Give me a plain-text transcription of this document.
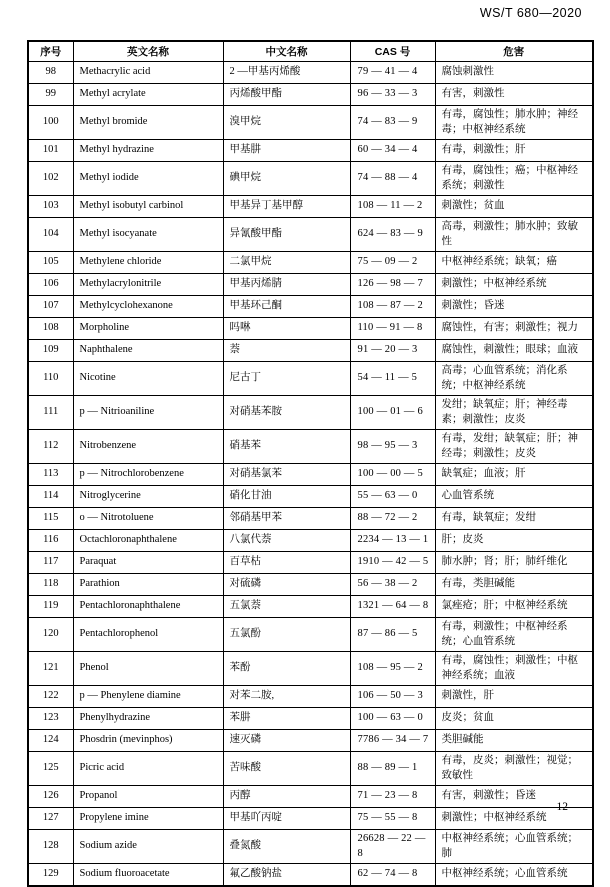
WS/T 680—2020
序号	英文名称	中文名称	CAS 号	危害
98	Methacrylic acid	2 —甲基丙烯酸	79 — 41 — 4	腐蚀刺激性
99	Methyl acrylate	丙烯酸甲酯	96 — 33 — 3	有害，刺激性
100	Methyl bromide	溴甲烷	74 — 83 — 9	有毒，腐蚀性；肺水肿；神经毒；中枢神经系统
101	Methyl hydrazine	甲基肼	60 — 34 — 4	有毒，刺激性；肝
102	Methyl iodide	碘甲烷	74 — 88 — 4	有毒，腐蚀性；癌；中枢神经系统；刺激性
103	Methyl isobutyl carbinol	甲基异丁基甲醇	108 — 11 — 2	刺激性；贫血
104	Methyl isocyanate	异氰酸甲酯	624 — 83 — 9	高毒，刺激性；肺水肿；致敏性
105	Methylene chloride	二氯甲烷	75 — 09 — 2	中枢神经系统；缺氧；癌
106	Methylacrylonitrile	甲基丙烯腈	126 — 98 — 7	刺激性；中枢神经系统
107	Methylcyclohexanone	甲基环己酮	108 — 87 — 2	刺激性；昏迷
108	Morpholine	吗啉	110 — 91 — 8	腐蚀性，有害；刺激性；视力
109	Naphthalene	萘	91 — 20 — 3	腐蚀性，刺激性；眼球；血液
110	Nicotine	尼古丁	54 — 11 — 5	高毒；心血管系统；消化系统；中枢神经系统
111	p — Nitrioaniline	对硝基苯胺	100 — 01 — 6	发绀；缺氧症；肝；神经毒素；刺激性；皮炎
112	Nitrobenzene	硝基苯	98 — 95 — 3	有毒，发绀；缺氧症；肝；神经毒；刺激性；皮炎
113	p — Nitrochlorobenzene	对硝基氯苯	100 — 00 — 5	缺氧症；血液；肝
114	Nitroglycerine	硝化甘油	55 — 63 — 0	心血管系统
115	o — Nitrotoluene	邻硝基甲苯	88 — 72 — 2	有毒，缺氧症；发绀
116	Octachloronaphthalene	八氯代萘	2234 — 13 — 1	肝；皮炎
117	Paraquat	百草枯	1910 — 42 — 5	肺水肿；肾；肝；肺纤维化
118	Parathion	对硫磷	56 — 38 — 2	有毒，类胆碱能
119	Pentachloronaphthalene	五氯萘	1321 — 64 — 8	氯痤疮；肝；中枢神经系统
120	Pentachlorophenol	五氯酚	87 — 86 — 5	有毒，刺激性；中枢神经系统；心血管系统
121	Phenol	苯酚	108 — 95 — 2	有毒，腐蚀性；刺激性；中枢神经系统；血液
122	p — Phenylene diamine	对苯二胺,	106 — 50 — 3	刺激性，肝
123	Phenylhydrazine	苯肼	100 — 63 — 0	皮炎；贫血
124	Phosdrin (mevinphos)	速灭磷	7786 — 34 — 7	类胆碱能
125	Picric acid	苦味酸	88 — 89 — 1	有毒，皮炎；刺激性；视觉；致敏性
126	Propanol	丙醇	71 — 23 — 8	有害，刺激性；昏迷
127	Propylene imine	甲基吖丙啶	75 — 55 — 8	刺激性；中枢神经系统
128	Sodium azide	叠氮酸	26628 — 22 — 8	中枢神经系统；心血管系统；肺
129	Sodium fluoroacetate	氟乙酸钠盐	62 — 74 — 8	中枢神经系统；心血管系统
12
